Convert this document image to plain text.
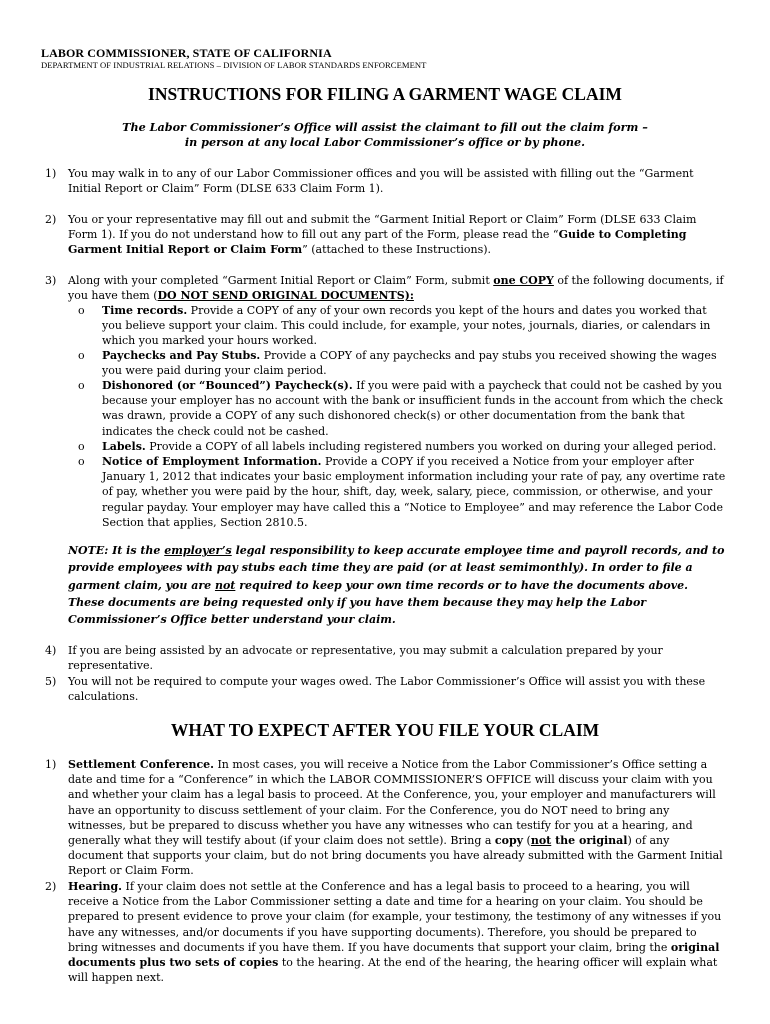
LABOR COMMISSIONER, STATE OF CALIFORNIA
DEPARTMENT OF INDUSTRIAL RELATIONS – DIVISION OF LABOR STANDARDS ENFORCEMENT
INSTRUCTIONS FOR FILING A GARMENT WAGE CLAIM
The Labor Commissioner’s Office will assist the claimant to fill out the claim form –
in person at any local Labor Commissioner’s office or by phone.
1) You may walk in to any of our Labor Commissioner offices and you will be assisted with filling out the “Garment Initial Report or Claim” Form (DLSE 633 Claim Form 1).
2) You or your representative may fill out and submit the “Garment Initial Report or Claim” Form (DLSE 633 Claim Form 1). If you do not understand how to fill out any part of the Form, please read the “Guide to Completing Garment Initial Report or Claim Form” (attached to these Instructions).
3) Along with your completed “Garment Initial Report or Claim” Form, submit one COPY of the following documents, if you have them (DO NOT SEND ORIGINAL DOCUMENTS):
o Time records. Provide a COPY of any of your own records you kept of the hours and dates you worked that you believe support your claim. This could include, for example, your notes, journals, diaries, or calendars in which you marked your hours worked.
o Paychecks and Pay Stubs. Provide a COPY of any paychecks and pay stubs you received showing the wages you were paid during your claim period.
o Dishonored (or “Bounced”) Paycheck(s). If you were paid with a paycheck that could not be cashed by you because your employer has no account with the bank or insufficient funds in the account from which the check was drawn, provide a COPY of any such dishonored check(s) or other documentation from the bank that indicates the check could not be cashed.
o Labels. Provide a COPY of all labels including registered numbers you worked on during your alleged period.
o Notice of Employment Information. Provide a COPY if you received a Notice from your employer after January 1, 2012 that indicates your basic employment information including your rate of pay, any overtime rate of pay, whether you were paid by the hour, shift, day, week, salary, piece, commission, or otherwise, and your regular payday. Your employer may have called this a “Notice to Employee” and may reference the Labor Code Section that applies, Section 2810.5.
NOTE: It is the employer’s legal responsibility to keep accurate employee time and payroll records, and to provide employees with pay stubs each time they are paid (or at least semimonthly). In order to file a garment claim, you are not required to keep your own time records or to have the documents above. These documents are being requested only if you have them because they may help the Labor Commissioner’s Office better understand your claim.
4) If you are being assisted by an advocate or representative, you may submit a calculation prepared by your representative.
5) You will not be required to compute your wages owed. The Labor Commissioner’s Office will assist you with these calculations.
WHAT TO EXPECT AFTER YOU FILE YOUR CLAIM
1) Settlement Conference. In most cases, you will receive a Notice from the Labor Commissioner’s Office setting a date and time for a “Conference” in which the LABOR COMMISSIONER’S OFFICE will discuss your claim with you and whether your claim has a legal basis to proceed. At the Conference, you, your employer and manufacturers will have an opportunity to discuss settlement of your claim. For the Conference, you do NOT need to bring any witnesses, but be prepared to discuss whether you have any witnesses who can testify for you at a hearing, and generally what they will testify about (if your claim does not settle). Bring a copy (not the original) of any document that supports your claim, but do not bring documents you have already submitted with the Garment Initial Report or Claim Form.
2) Hearing. If your claim does not settle at the Conference and has a legal basis to proceed to a hearing, you will receive a Notice from the Labor Commissioner setting a date and time for a hearing on your claim. You should be prepared to present evidence to prove your claim (for example, your testimony, the testimony of any witnesses if you have any witnesses, and/or documents if you have supporting documents). Therefore, you should be prepared to bring witnesses and documents if you have them. If you have documents that support your claim, bring the original documents plus two sets of copies to the hearing. At the end of the hearing, the hearing officer will explain what will happen next.
